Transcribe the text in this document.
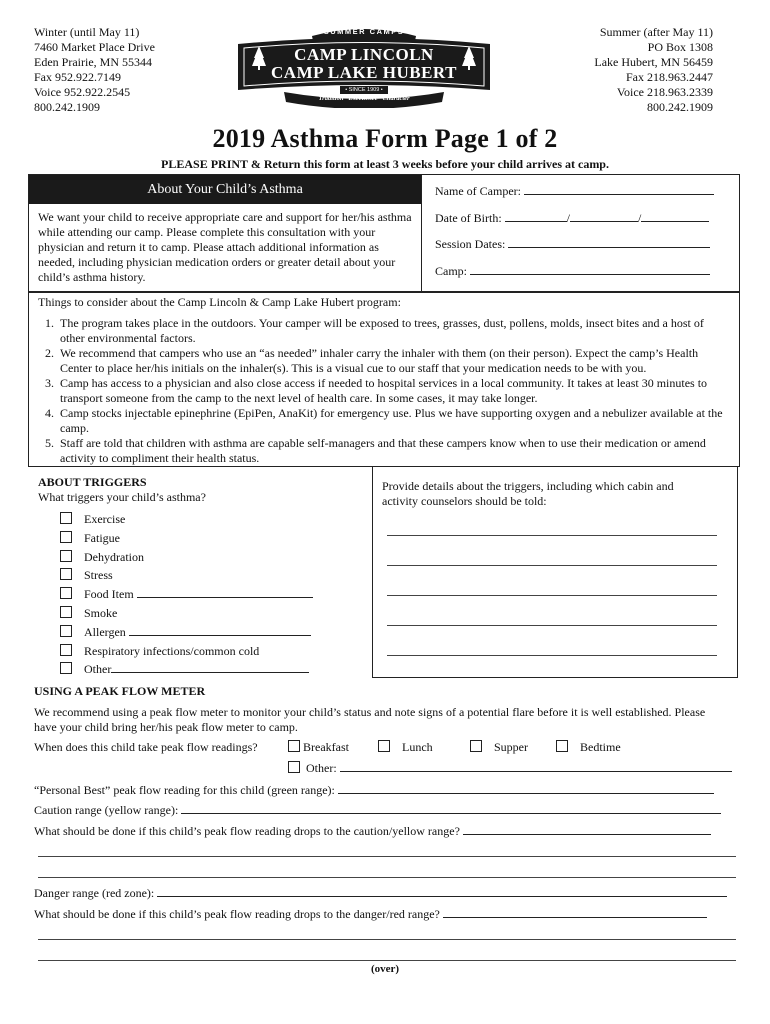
Winter (until May 11)
7460 Market Place Drive
Eden Prairie, MN 55344
Fax 952.922.7149
Voice 952.922.2545
800.242.1909
Summer (after May 11)
PO Box 1308
Lake Hubert, MN 56459
Fax 218.963.2447
Voice 218.963.2339
800.242.1909
SUMMER CAMPS
CAMP LINCOLN
CAMP LAKE HUBERT
• SINCE 1909 •
Tradition · Excellence · Character
2019 Asthma Form Page 1 of 2
PLEASE PRINT & Return this form at least 3 weeks before your child arrives at camp.
About Your Child’s Asthma
We want your child to receive appropriate care and support for her/his asthma while attending our camp. Please complete this consultation with your physician and return it to camp. Please attach additional information as needed, including physician medication orders or greater detail about your child’s asthma history.
Name of Camper:
Date of Birth:	/	/
Session Dates:
Camp:
Things to consider about the Camp Lincoln & Camp Lake Hubert program:
1. The program takes place in the outdoors. Your camper will be exposed to trees, grasses, dust, pollens, molds, insect bites and a host of other environmental factors.
2. We recommend that campers who use an “as needed” inhaler carry the inhaler with them (on their person). Expect the camp’s Health Center to place her/his initials on the inhaler(s). This is a visual cue to our staff that your medication needs to be with you.
3. Camp has access to a physician and also close access if needed to hospital services in a local community. It takes at least 30 minutes to transport someone from the camp to the next level of health care. In some cases, it may take longer.
4. Camp stocks injectable epinephrine (EpiPen, AnaKit) for emergency use. Plus we have supporting oxygen and a nebulizer available at the camp.
5. Staff are told that children with asthma are capable self-managers and that these campers know when to use their medication or amend activity to compliment their health status.
ABOUT TRIGGERS
What triggers your child’s asthma?
Exercise
Fatigue
Dehydration
Stress
Food Item
Smoke
Allergen
Respiratory infections/common cold
Other
Provide details about the triggers, including which cabin and activity counselors should be told:
USING A PEAK FLOW METER
We recommend using a peak flow meter to monitor your child’s status and note signs of a potential flare before it is well established. Please have your child bring her/his peak flow meter to camp.
When does this child take peak flow readings?	Breakfast	Lunch	Supper	Bedtime
Other:
“Personal Best” peak flow reading for this child (green range):
Caution range (yellow range):
What should be done if this child’s peak flow reading drops to the caution/yellow range?
Danger range (red zone):
What should be done if this child’s peak flow reading drops to the danger/red range?
(over)
